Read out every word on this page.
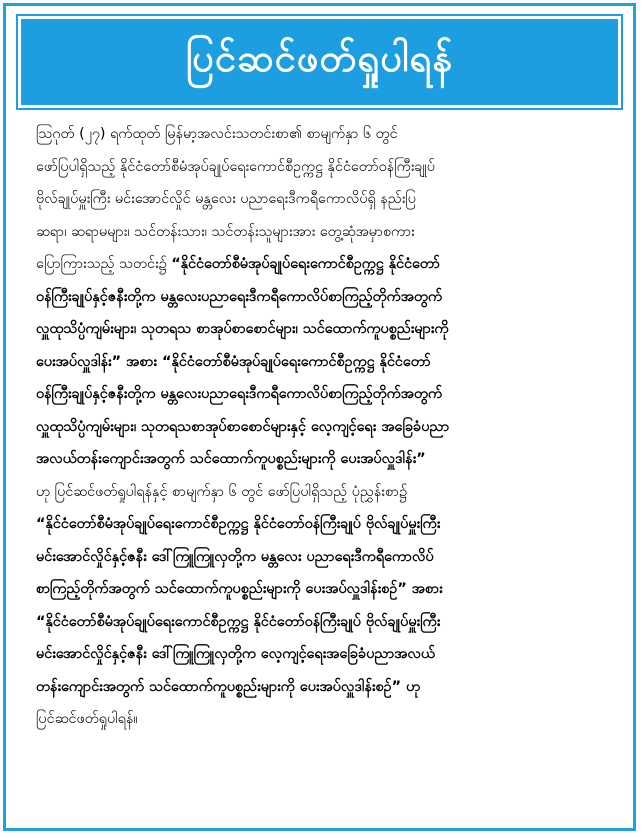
ပြင်ဆင်ဖတ်ရှုပါရန်
ဩဂုတ် (၂၇) ရက်ထုတ် မြန်မာ့အလင်းသတင်းစာ၏ စာမျက်နှာ ၆ တွင်
ဖော်ပြပါရှိသည့် နိုင်ငံတော်စီမံအုပ်ချုပ်ရေးကောင်စီဥက္ကဋ္ဌ နိုင်ငံတော်ဝန်ကြီးချုပ်
ဗိုလ်ချုပ်မှူးကြီး မင်းအောင်လှိုင် မန္တလေး ပညာရေးဒီကရီကောလိပ်ရှိ နည်းပြ
ဆရာ၊ ဆရာမများ၊ သင်တန်းသား၊ သင်တန်းသူများအား တွေ့ဆုံအမှာစကား
ပြောကြားသည့် သတင်း၌ “နိုင်ငံတော်စီမံအုပ်ချုပ်ရေးကောင်စီဥက္ကဋ္ဌ နိုင်ငံတော်
ဝန်ကြီးချုပ်နှင့်ဇနီးတို့က မန္တလေးပညာရေးဒီကရီကောလိပ်စာကြည့်တိုက်အတွက်
လှူထုသိပ္ပံကျမ်းများ၊ သုတရသ စာအုပ်စာစောင်များ၊ သင်ထောက်ကူပစ္စည်းများကို
ပေးအပ်လှူဒါန်း” အစား “နိုင်ငံတော်စီမံအုပ်ချုပ်ရေးကောင်စီဥက္ကဋ္ဌ နိုင်ငံတော်
ဝန်ကြီးချုပ်နှင့်ဇနီးတို့က မန္တလေးပညာရေးဒီကရီကောလိပ်စာကြည့်တိုက်အတွက်
လှူထုသိပ္ပံကျမ်းများ၊ သုတရသစာအုပ်စာစောင်များနှင့် လေ့ကျင့်ရေး အခြေခံပညာ
အလယ်တန်းကျောင်းအတွက် သင်ထောက်ကူပစ္စည်းများကို ပေးအပ်လှူဒါန်း”
ဟု ပြင်ဆင်ဖတ်ရှုပါရန်နှင့် စာမျက်နှာ ၆ တွင် ဖော်ပြပါရှိသည့် ပုံညွှန်းစာ၌
“နိုင်ငံတော်စီမံအုပ်ချုပ်ရေးကောင်စီဥက္ကဋ္ဌ နိုင်ငံတော်ဝန်ကြီးချုပ် ဗိုလ်ချုပ်မှူးကြီး
မင်းအောင်လှိုင်နှင့်ဇနီး ဒေါ်ကြူကြူလှတို့က မန္တလေး ပညာရေးဒီကရီကောလိပ်
စာကြည့်တိုက်အတွက် သင်ထောက်ကူပစ္စည်းများကို ပေးအပ်လှူဒါန်းစဉ်” အစား
“နိုင်ငံတော်စီမံအုပ်ချုပ်ရေးကောင်စီဥက္ကဋ္ဌ နိုင်ငံတော်ဝန်ကြီးချုပ် ဗိုလ်ချုပ်မှူးကြီး
မင်းအောင်လှိုင်နှင့်ဇနီး ဒေါ်ကြူကြူလှတို့က လေ့ကျင့်ရေးအခြေခံပညာအလယ်
တန်းကျောင်းအတွက် သင်ထောက်ကူပစ္စည်းများကို ပေးအပ်လှူဒါန်းစဉ်” ဟု
ပြင်ဆင်ဖတ်ရှုပါရန်။
